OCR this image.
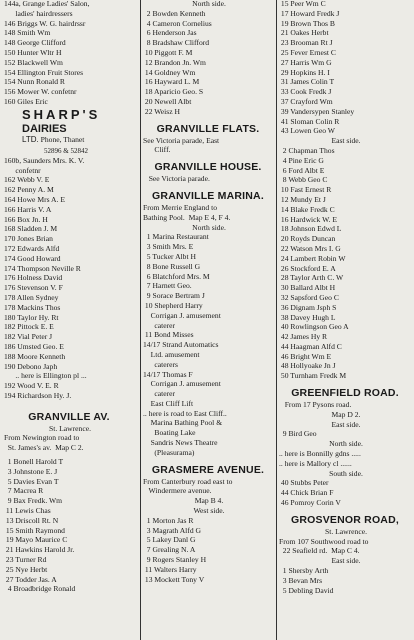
144a, Grange Ladies' Salon,
ladies' hairdressers
146 Briggs W. G. hairdrssr
148 Smith Wm
148 George Clifford
150 Hunter Wltr H
152 Blackwell Wm
154 Ellington Fruit Stores
154 Nunn Ronald R
156 Mower W. confetnr
160 Giles Eric
SHARP'S
DAIRIES
LTD. Phone, Thanet
52896 & 52842
160b, Saunders Mrs. K. V.
confetnr
162 Webb V. E
162 Penny A. M
164 Howe Mrs A. E
166 Harris V. A
166 Box Jn. H
168 Sladden J. M
170 Jones Brian
172 Edwards Alfd
174 Good Howard
174 Thompson Neville R
176 Holness David
176 Stevenson V. F
178 Allen Sydney
178 Mackins Thos
180 Taylor Hy. Rt
182 Pittock E. E
182 Vial Peter J
186 Umsted Geo. E
188 Moore Kenneth
190 Debono Japh
.. here is Ellington pl ...
192 Wood V. E. R
194 Richardson Hy. J.
GRANVILLE AV.
St. Lawrence.
From Newington road to
St. James's av.  Map C 2.
1 Bonell Harold T
3 Johnstone E. J
5 Davies Evan T
7 Macrea R
9 Bax Fredk. Wm
11 Lewis Chas
13 Driscoll Rt. N
15 Smith Raymond
19 Mayo Maurice C
21 Hawkins Harold Jr.
23 Turner Rd
25 Nye Herbt
27 Todder Jas. A
4 Broadbridge Ronald
North side.
2 Bowden Kenneth
4 Cameron Cornelius
6 Henderson Jas
8 Bradshaw Clifford
10 Piggott F. M
12 Brandon Jn. Wm
14 Goldney Wm
16 Hayward L. M
18 Aparicio Geo. S
20 Newell Albt
22 Weisz H
GRANVILLE FLATS.
See Victoria parade, East
Cliff.
GRANVILLE HOUSE.
See Victoria parade.
GRANVILLE MARINA.
From Merrie England to
Bathing Pool.  Map E 4, F 4.
North side.
1 Marina Restaurant
3 Smith Mrs. E
5 Tucker Albt H
8 Bone Russell G
6 Blatchford Mrs. M
7 Harnett Geo.
9 Sorace Bertram J
10 Shepherd Harry
Corrigan J. amusement
caterer
11 Bond Misses
14/17 Strand Automatics
Ltd. amusement
caterers
14/17 Thomas F
Corrigan J. amusement
caterer
East Cliff Lift
.. here is road to East Cliff..
Marina Bathing Pool &
Boating Lake
Sandris News Theatre
(Pleasurama)
GRASMERE AVENUE.
From Canterbury road east to
Windermere avenue.
Map B 4.
West side.
1 Morton Jas R
3 Magrath Alfd G
5 Lakey Danl G
7 Grealing N. A
9 Rogers Stanley H
11 Walters Harry
13 Mockett Tony V
15 Peer Wm C
17 Howard Fredk J
19 Brown Thos B
21 Oakes Herbt
23 Brooman Rt J
25 Fever Ernest C
27 Harris Wm G
29 Hopkins H. I
31 James Colin T
33 Cook Fredk J
37 Crayford Wm
39 Vandersypen Stanley
41 Sloman Colin R
43 Lowen Geo W
East side.
2 Chapman Thos
4 Pine Eric G
6 Ford Albt E
8 Webb Geo C
10 Fast Ernest R
12 Mundy Et J
14 Blake Fredk C
16 Hardwick W. E
18 Johnson Edwd L
20 Royds Duncan
22 Watson Mrs I. G
24 Lambert Robin W
26 Stockford E. A
28 Taylor Arth C. W
30 Ballard Albt H
32 Sapsford Geo C
36 Dignam Jsph S
38 Davey Hugh L
40 Rowlingson Geo A
42 James Hy R
44 Haagman Alfd C
46 Bright Wm E
48 Hollyoake Jn J
50 Turnham Fredk M
GREENFIELD ROAD.
From 17 Pysons road.
Map D 2.
East side.
9 Bird Geo
North side.
.. here is Bonnilly gdns .....
.. here is Mallory cl ......
South side.
40 Stubbs Peter
44 Chick Brian F
46 Pomroy Corin V
GROSVENOR ROAD,
St. Lawrence.
From 107 Southwood road to
22 Seafield rd.  Map C 4.
East side.
1 Shersby Arth
3 Bevan Mrs
5 Debling David
